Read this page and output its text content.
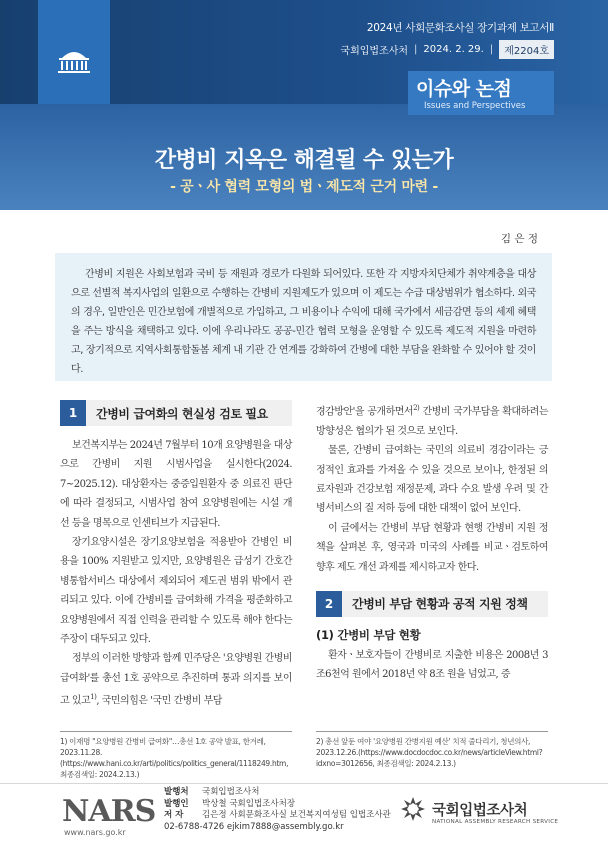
2024년 사회문화조사실 장기과제 보고서Ⅱ
국회입법조사처 | 2024. 2. 29. |	제2204호
이슈와 논점
Issues and Perspectives
간병비 지옥은 해결될 수 있는가
- 공ㆍ사 협력 모형의 법ㆍ제도적 근거 마련 -
김 은 정

간병비 지원은 사회보험과 국비 등 재원과 경로가 다원화 되어있다. 또한 각 지방자치단체가 취약계층을 대상으로 선별적 복지사업의 일환으로 수행하는 간병비 지원제도가 있으며 이 제도는 수급 대상범위가 협소하다. 외국의 경우, 일반인은 민간보험에 개별적으로 가입하고, 그 비용이나 수익에 대해 국가에서 세금감면 등의 세제 혜택을 주는 방식을 채택하고 있다. 이에 우리나라도 공공-민간 협력 모형을 운영할 수 있도록 제도적 지원을 마련하고, 장기적으로 지역사회통합돌봄 체계 내 기관 간 연계를 강화하여 간병에 대한 부담을 완화할 수 있어야 할 것이다.

1	간병비 급여화의 현실성 검토 필요

보건복지부는 2024년 7월부터 10개 요양병원을 대상으로 간병비 지원 시범사업을 실시한다(2024. 7~2025.12). 대상환자는 중증입원환자 중 의료진 판단에 따라 결정되고, 시범사업 참여 요양병원에는 시설 개선 등을 명목으로 인센티브가 지급된다.

장기요양시설은 장기요양보험을 적용받아 간병인 비용을 100% 지원받고 있지만, 요양병원은 급성기 간호간병통합서비스 대상에서 제외되어 제도권 범위 밖에서 관리되고 있다. 이에 간병비를 급여화해 가격을 평준화하고 요양병원에서 직접 인력을 관리할 수 있도록 해야 한다는 주장이 대두되고 있다.

정부의 이러한 방향과 함께 민주당은 '요양병원 간병비 급여화'를 총선 1호 공약으로 추진하며 통과 의지를 보이고 있고$^{1)}$, 국민의힘은 '국민 간병비 부담

경감방안'을 공개하면서$^{2)}$ 간병비 국가부담을 확대하려는 방향성은 협의가 된 것으로 보인다.

물론, 간병비 급여화는 국민의 의료비 경감이라는 긍정적인 효과를 가져올 수 있을 것으로 보이나, 한정된 의료자원과 건강보험 재정문제, 과다 수요 발생 우려 및 간병서비스의 질 저하 등에 대한 대책이 없어 보인다.

이 글에서는 간병비 부담 현황과 현행 간병비 지원 정책을 살펴본 후, 영국과 미국의 사례를 비교ㆍ검토하여 향후 제도 개선 과제를 제시하고자 한다.

2	간병비 부담 현황과 공적 지원 정책
(1) 간병비 부담 현황

환자ㆍ보호자들이 간병비로 지출한 비용은 2008년 3조6천억 원에서 2018년 약 8조 원을 넘었고, 증

1) 이재명 "요양병원 간병비 급여화"…총선 1호 공약 발표, 한겨레, 2023.11.28.(https://www.hani.co.kr/arti/politics/politics_general/1118249.htm, 최종검색일: 2024.2.13.)
2) 총선 앞둔 여야 '요양병원 간병지원 예산' 치적 줄다리기, 청년의사, 2023.12.26.(https://www.docdocdoc.co.kr/news/articleView.html?idxno=3012656, 최종검색일: 2024.2.13.)
NARS
www.nars.go.kr
발행처 국회입법조사처
발행인 박상철 국회입법조사처장
저 자 김은정 사회문화조사실 보건복지여성팀 입법조사관
02-6788-4726 ejkim7888@assembly.go.kr
국회입법조사처
NATIONAL ASSEMBLY RESEARCH SERVICE
